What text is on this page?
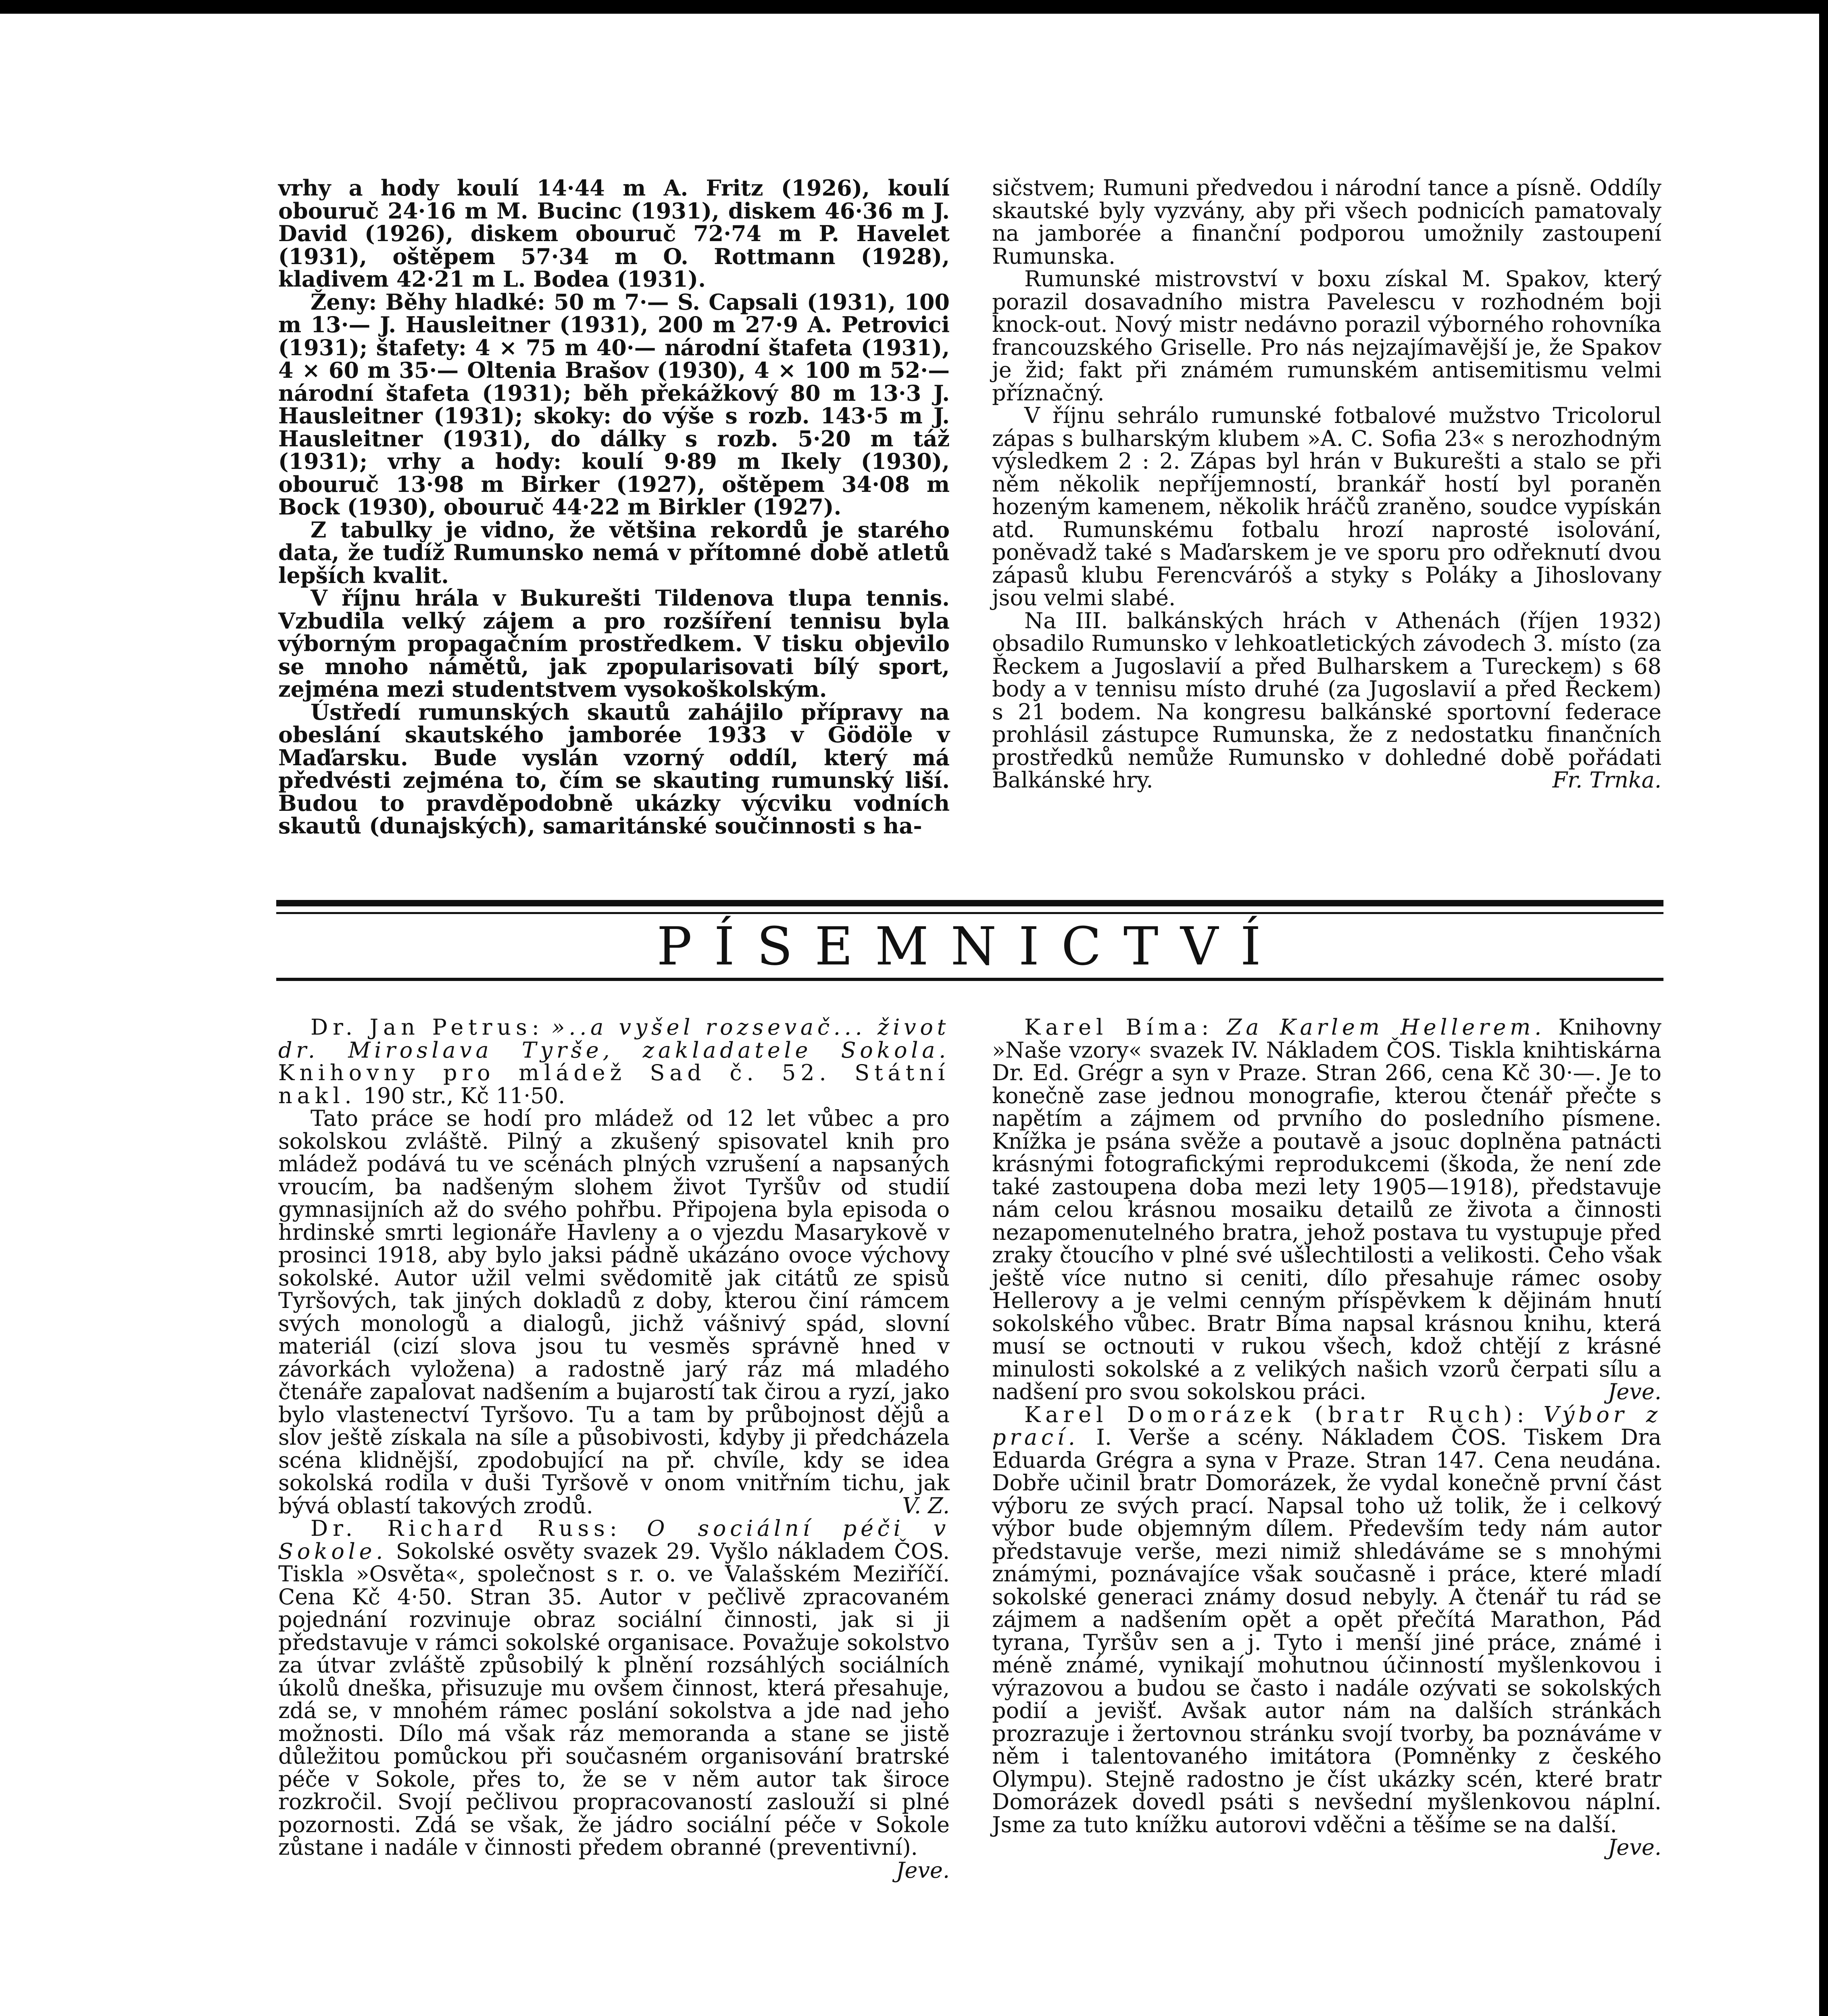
vrhy a hody koulí 14·44 m A. Fritz (1926), koulí obouruč 24·16 m M. Bucinc (1931), diskem 46·36 m J. David (1926), diskem obouruč 72·74 m P. Havelet (1931), oštěpem 57·34 m O. Rottmann (1928), kladivem 42·21 m L. Bodea (1931).

Ženy: Běhy hladké: 50 m 7·— S. Capsali (1931), 100 m 13·— J. Hausleitner (1931), 200 m 27·9 A. Petrovici (1931); štafety: 4 × 75 m 40·— národní štafeta (1931), 4 × 60 m 35·— Oltenia Brašov (1930), 4 × 100 m 52·— národní štafeta (1931); běh překážkový 80 m 13·3 J. Hausleitner (1931); skoky: do výše s rozb. 143·5 m J. Hausleitner (1931), do dálky s rozb. 5·20 m táž (1931); vrhy a hody: koulí 9·89 m Ikely (1930), obouruč 13·98 m Birker (1927), oštěpem 34·08 m Bock (1930), obouruč 44·22 m Birkler (1927).

Z tabulky je vidno, že většina rekordů je starého data, že tudíž Rumunsko nemá v přítomné době atletů lepších kvalit.

V říjnu hrála v Bukurešti Tildenova tlupa tennis. Vzbudila velký zájem a pro rozšíření tennisu byla výborným propagačním prostředkem. V tisku objevilo se mnoho námětů, jak zpopularisovati bílý sport, zejména mezi studentstvem vysokoškolským.

Ústředí rumunských skautů zahájilo přípravy na obeslání skautského jamborée 1933 v Gödöle v Maďarsku. Bude vyslán vzorný oddíl, který má předvésti zejména to, čím se skauting rumunský liší. Budou to pravděpodobně ukázky výcviku vodních skautů (dunajských), samaritánské součinnosti s ha-

sičstvem; Rumuni předvedou i národní tance a písně. Oddíly skautské byly vyzvány, aby při všech podnicích pamatovaly na jamborée a finanční podporou umožnily zastoupení Rumunska.

Rumunské mistrovství v boxu získal M. Spakov, který porazil dosavadního mistra Pavelescu v rozhodném boji knock-out. Nový mistr nedávno porazil výborného rohovníka francouzského Griselle. Pro nás nejzajímavější je, že Spakov je žid; fakt při známém rumunském antisemitismu velmi příznačný.

V říjnu sehrálo rumunské fotbalové mužstvo Tricolorul zápas s bulharským klubem »A. C. Sofia 23« s nerozhodným výsledkem 2 : 2. Zápas byl hrán v Bukurešti a stalo se při něm několik nepříjemností, brankář hostí byl poraněn hozeným kamenem, několik hráčů zraněno, soudce vypískán atd. Rumunskému fotbalu hrozí naprosté isolování, poněvadž také s Maďarskem je ve sporu pro odřeknutí dvou zápasů klubu Ferencváróš a styky s Poláky a Jihoslovany jsou velmi slabé.

Na III. balkánských hrách v Athenách (říjen 1932) obsadilo Rumunsko v lehkoatletických závodech 3. místo (za Řeckem a Jugoslavií a před Bulharskem a Tureckem) s 68 body a v tennisu místo druhé (za Jugoslavií a před Řeckem) s 21 bodem. Na kongresu balkánské sportovní federace prohlásil zástupce Rumunska, že z nedostatku finančních prostředků nemůže Rumunsko v dohledné době pořádati Balkánské hry.	Fr. Trnka.

PÍSEMNICTVÍ

Dr. Jan Petrus: »..a vyšel rozsevač... život dr. Miroslava Tyrše, zakladatele Sokola. Knihovny pro mládež Sad č. 52. Státní nakl. 190 str., Kč 11·50.

Tato práce se hodí pro mládež od 12 let vůbec a pro sokolskou zvláště. Pilný a zkušený spisovatel knih pro mládež podává tu ve scénách plných vzrušení a napsaných vroucím, ba nadšeným slohem život Tyršův od studií gymnasijních až do svého pohřbu. Připojena byla episoda o hrdinské smrti legionáře Havleny a o vjezdu Masarykově v prosinci 1918, aby bylo jaksi pádně ukázáno ovoce výchovy sokolské. Autor užil velmi svědomitě jak citátů ze spisů Tyršových, tak jiných dokladů z doby, kterou činí rámcem svých monologů a dialogů, jichž vášnivý spád, slovní materiál (cizí slova jsou tu vesměs správně hned v závorkách vyložena) a radostně jarý ráz má mladého čtenáře zapalovat nadšením a bujarostí tak čirou a ryzí, jako bylo vlastenectví Tyršovo. Tu a tam by průbojnost dějů a slov ještě získala na síle a působivosti, kdyby ji předcházela scéna klidnější, zpodobující na př. chvíle, kdy se idea sokolská rodila v duši Tyršově v onom vnitřním tichu, jak bývá oblastí takových zrodů.	V. Z.

Dr. Richard Russ: O sociální péči v Sokole. Sokolské osvěty svazek 29. Vyšlo nákladem ČOS. Tiskla »Osvěta«, společnost s r. o. ve Valašském Meziříčí. Cena Kč 4·50. Stran 35. Autor v pečlivě zpracovaném pojednání rozvinuje obraz sociální činnosti, jak si ji představuje v rámci sokolské organisace. Považuje sokolstvo za útvar zvláště způsobilý k plnění rozsáhlých sociálních úkolů dneška, přisuzuje mu ovšem činnost, která přesahuje, zdá se, v mnohém rámec poslání sokolstva a jde nad jeho možnosti. Dílo má však ráz memoranda a stane se jistě důležitou pomůckou při současném organisování bratrské péče v Sokole, přes to, že se v něm autor tak široce rozkročil. Svojí pečlivou propracovaností zaslouží si plné pozornosti. Zdá se však, že jádro sociální péče v Sokole zůstane i nadále v činnosti předem obranné (preventivní).

Jeve.

Karel Bíma: Za Karlem Hellerem. Knihovny »Naše vzory« svazek IV. Nákladem ČOS. Tiskla knihtiskárna Dr. Ed. Grégr a syn v Praze. Stran 266, cena Kč 30·—. Je to konečně zase jednou monografie, kterou čtenář přečte s napětím a zájmem od prvního do posledního písmene. Knížka je psána svěže a poutavě a jsouc doplněna patnácti krásnými fotografickými reprodukcemi (škoda, že není zde také zastoupena doba mezi lety 1905—1918), představuje nám celou krásnou mosaiku detailů ze života a činnosti nezapomenutelného bratra, jehož postava tu vystupuje před zraky čtoucího v plné své ušlechtilosti a velikosti. Čeho však ještě více nutno si ceniti, dílo přesahuje rámec osoby Hellerovy a je velmi cenným příspěvkem k dějinám hnutí sokolského vůbec. Bratr Bíma napsal krásnou knihu, která musí se octnouti v rukou všech, kdož chtějí z krásné minulosti sokolské a z velikých našich vzorů čerpati sílu a nadšení pro svou sokolskou práci.	Jeve.

Karel Domorázek (bratr Ruch): Výbor z prací. I. Verše a scény. Nákladem ČOS. Tiskem Dra Eduarda Grégra a syna v Praze. Stran 147. Cena neudána. Dobře učinil bratr Domorázek, že vydal konečně první část výboru ze svých prací. Napsal toho už tolik, že i celkový výbor bude objemným dílem. Především tedy nám autor představuje verše, mezi nimiž shledáváme se s mnohými známými, poznávajíce však současně i práce, které mladí sokolské generaci známy dosud nebyly. A čtenář tu rád se zájmem a nadšením opět a opět přečítá Marathon, Pád tyrana, Tyršův sen a j. Tyto i menší jiné práce, známé i méně známé, vynikají mohutnou účinností myšlenkovou i výrazovou a budou se často i nadále ozývati se sokolských podií a jevišť. Avšak autor nám na dalších stránkách prozrazuje i žertovnou stránku svojí tvorby, ba poznáváme v něm i talentovaného imitátora (Pomněnky z českého Olympu). Stejně radostno je číst ukázky scén, které bratr Domorázek dovedl psáti s nevšední myšlenkovou náplní. Jsme za tuto knížku autorovi vděčni a těšíme se na další.
Jeve.
